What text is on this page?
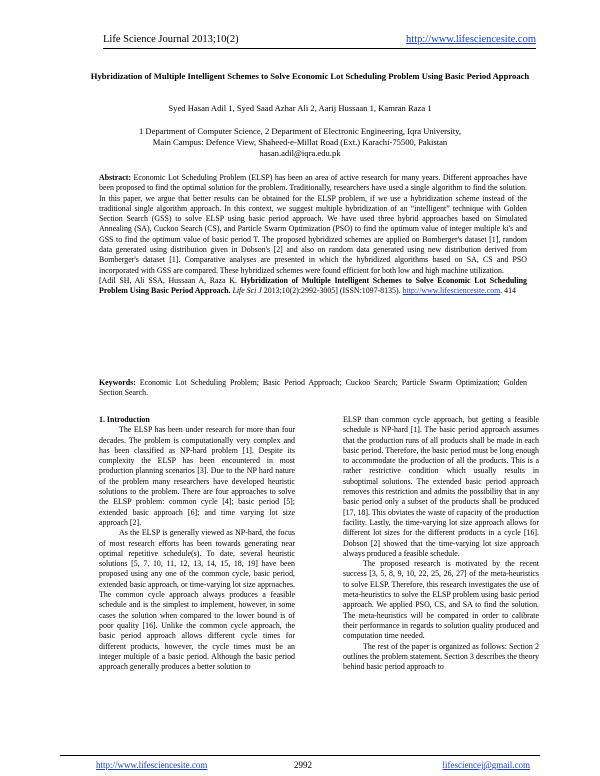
Life Science Journal 2013;10(2)	http://www.lifesciencesite.com
Hybridization of Multiple Intelligent Schemes to Solve Economic Lot Scheduling Problem Using Basic Period Approach
Syed Hasan Adil 1, Syed Saad Azhar Ali 2, Aarij Hussaan 1, Kamran Raza 1
1 Department of Computer Science, 2 Department of Electronic Engineering, Iqra University,
Main Campus: Defence View, Shaheed-e-Millat Road (Ext.) Karachi-75500, Pakistan
hasan.adil@iqra.edu.pk
Abstract: Economic Lot Scheduling Problem (ELSP) has been an area of active research for many years. Different approaches have been proposed to find the optimal solution for the problem. Traditionally, researchers have used a single algorithm to find the solution. In this paper, we argue that better results can be obtained for the ELSP problem, if we use a hybridization scheme instead of the traditional single algorithm approach. In this context, we suggest multiple hybridization of an “intelligent” technique with Golden Section Search (GSS) to solve ELSP using basic period approach. We have used three hybrid approaches based on Simulated Annealing (SA), Cuckoo Search (CS), and Particle Swarm Optimization (PSO) to find the optimum value of integer multiple ki's and GSS to find the optimum value of basic period T. The proposed hybridized schemes are applied on Bomberger's dataset [1], random data generated using distribution given in Dobson's [2] and also on random data generated using new distribution derived from Bomberger's dataset [1]. Comparative analyses are presented in which the hybridized algorithms based on SA, CS and PSO incorporated with GSS are compared. These hybridized schemes were found efficient for both low and high machine utilization.
[Adil SH, Ali SSA, Hussaan A, Raza K. Hybridization of Multiple Intelligent Schemes to Solve Economic Lot Scheduling Problem Using Basic Period Approach. Life Sci J 2013;10(2):2992-3005] (ISSN:1097-8135). http://www.lifesciencesite.com. 414
Keywords: Economic Lot Scheduling Problem; Basic Period Approach; Cuckoo Search; Particle Swarm Optimization; Golden Section Search.

1. Introduction

The ELSP has been under research for more than four decades. The problem is computationally very complex and has been classified as NP-hard problem [1]. Despite its complexity the ELSP has been encountered in most production planning scenarios [3]. Due to the NP hard nature of the problem many researchers have developed heuristic solutions to the problem. There are four approaches to solve the ELSP problem: common cycle [4]; basic period [5]; extended basic approach [6]; and time varying lot size approach [2].

As the ELSP is generally viewed as NP-hard, the focus of most research efforts has been towards generating near optimal repetitive schedule(s). To date, several heuristic solutions [5, 7, 10, 11, 12, 13, 14, 15, 18, 19] have been proposed using any one of the common cycle, basic period, extended basic approach, or time-varying lot size approaches. The common cycle approach always produces a feasible schedule and is the simplest to implement, however, in some cases the solution when compared to the lower bound is of poor quality [16]. Unlike the common cycle approach, the basic period approach allows different cycle times for different products, however, the cycle times must be an integer multiple of a basic period. Although the basic period approach generally produces a better solution to

ELSP than common cycle approach, but getting a feasible schedule is NP-hard [1]. The basic period approach assumes that the production runs of all products shall be made in each basic period. Therefore, the basic period must be long enough to accommodate the production of all the products. This is a rather restrictive condition which usually results in suboptimal solutions. The extended basic period approach removes this restriction and admits the possibility that in any basic period only a subset of the products shall be produced [17, 18]. This obviates the waste of capacity of the production facility. Lastly, the time-varying lot size approach allows for different lot sizes for the different products in a cycle [16]. Dobson [2] showed that the time-varying lot size approach always produced a feasible schedule.

The proposed research is motivated by the recent success [3, 5, 8, 9, 10, 22, 25, 26, 27] of the meta-heuristics to solve ELSP. Therefore, this research investigates the use of meta-heuristics to solve the ELSP problem using basic period approach. We applied PSO, CS, and SA to find the solution. The meta-heuristics will be compared in order to calibrate their performance in regards to solution quality produced and computation time needed.

The rest of the paper is organized as follows: Section 2 outlines the problem statement. Section 3 describes the theory behind basic period approach to

http://www.lifesciencesite.com	2992	lifesciencej@gmail.com
